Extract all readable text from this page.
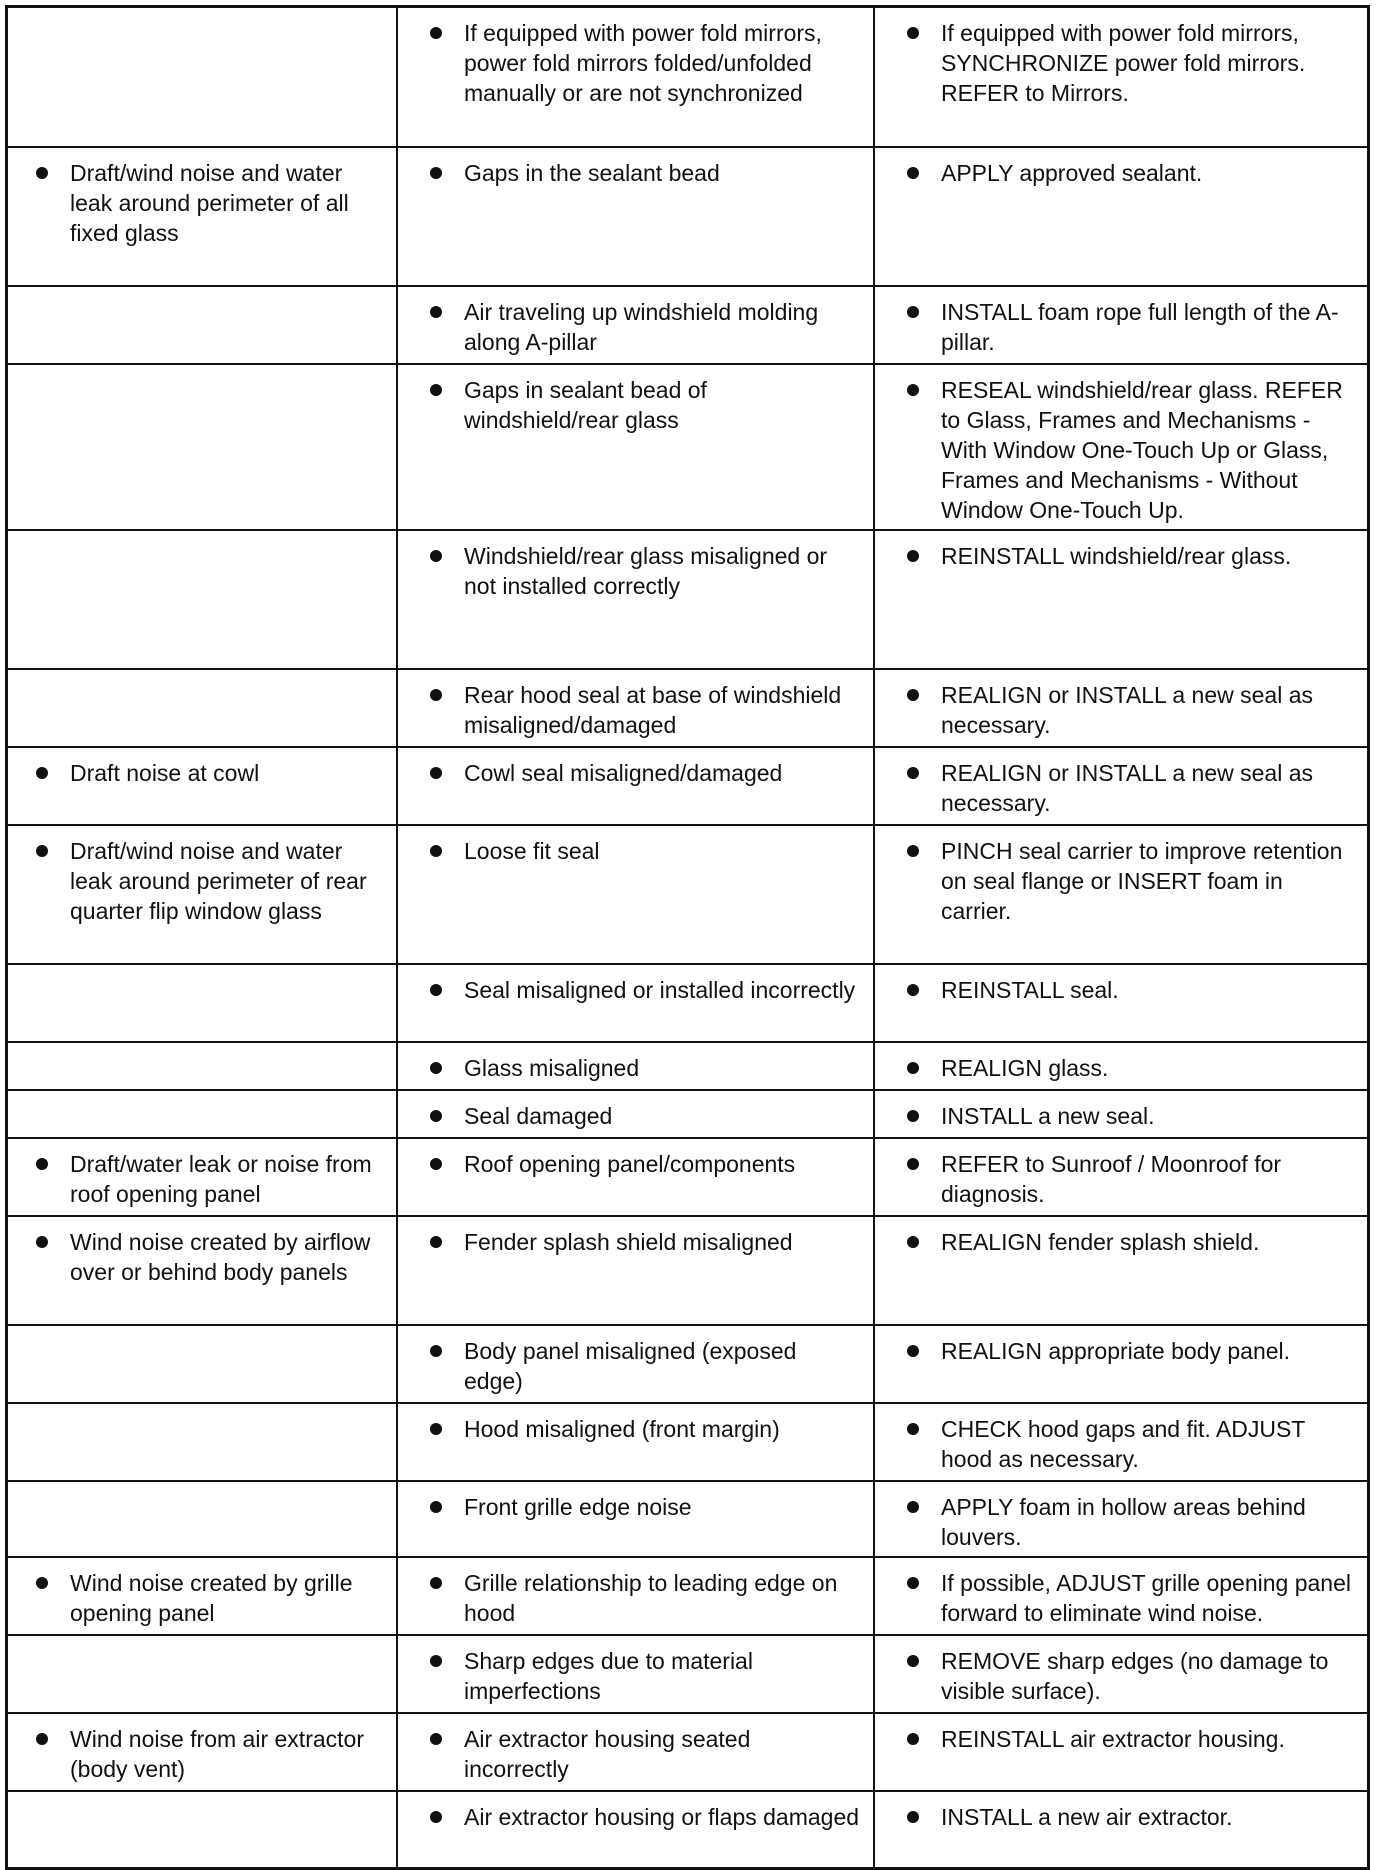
	If equipped with power fold mirrors, power fold mirrors folded/unfolded manually or are not synchronized	If equipped with power fold mirrors, SYNCHRONIZE power fold mirrors. REFER to Mirrors.

Draft/wind noise and water leak around perimeter of all fixed glass	Gaps in the sealant bead	APPLY approved sealant.

	Air traveling up windshield molding along A-pillar	INSTALL foam rope full length of the A-pillar.

	Gaps in sealant bead of windshield/rear glass	RESEAL windshield/rear glass. REFER to Glass, Frames and Mechanisms - With Window One-Touch Up or Glass, Frames and Mechanisms - Without Window One-Touch Up.

	Windshield/rear glass misaligned or not installed correctly	REINSTALL windshield/rear glass.

	Rear hood seal at base of windshield misaligned/damaged	REALIGN or INSTALL a new seal as necessary.

Draft noise at cowl	Cowl seal misaligned/damaged	REALIGN or INSTALL a new seal as necessary.

Draft/wind noise and water leak around perimeter of rear quarter flip window glass	Loose fit seal	PINCH seal carrier to improve retention on seal flange or INSERT foam in carrier.

	Seal misaligned or installed incorrectly	REINSTALL seal.

	Glass misaligned	REALIGN glass.

	Seal damaged	INSTALL a new seal.

Draft/water leak or noise from roof opening panel	Roof opening panel/components	REFER to Sunroof / Moonroof for diagnosis.

Wind noise created by airflow over or behind body panels	Fender splash shield misaligned	REALIGN fender splash shield.

	Body panel misaligned (exposed edge)	REALIGN appropriate body panel.

	Hood misaligned (front margin)	CHECK hood gaps and fit. ADJUST hood as necessary.

	Front grille edge noise	APPLY foam in hollow areas behind louvers.

Wind noise created by grille opening panel	Grille relationship to leading edge on hood	If possible, ADJUST grille opening panel forward to eliminate wind noise.

	Sharp edges due to material imperfections	REMOVE sharp edges (no damage to visible surface).

Wind noise from air extractor (body vent)	Air extractor housing seated incorrectly	REINSTALL air extractor housing.

	Air extractor housing or flaps damaged	INSTALL a new air extractor.
